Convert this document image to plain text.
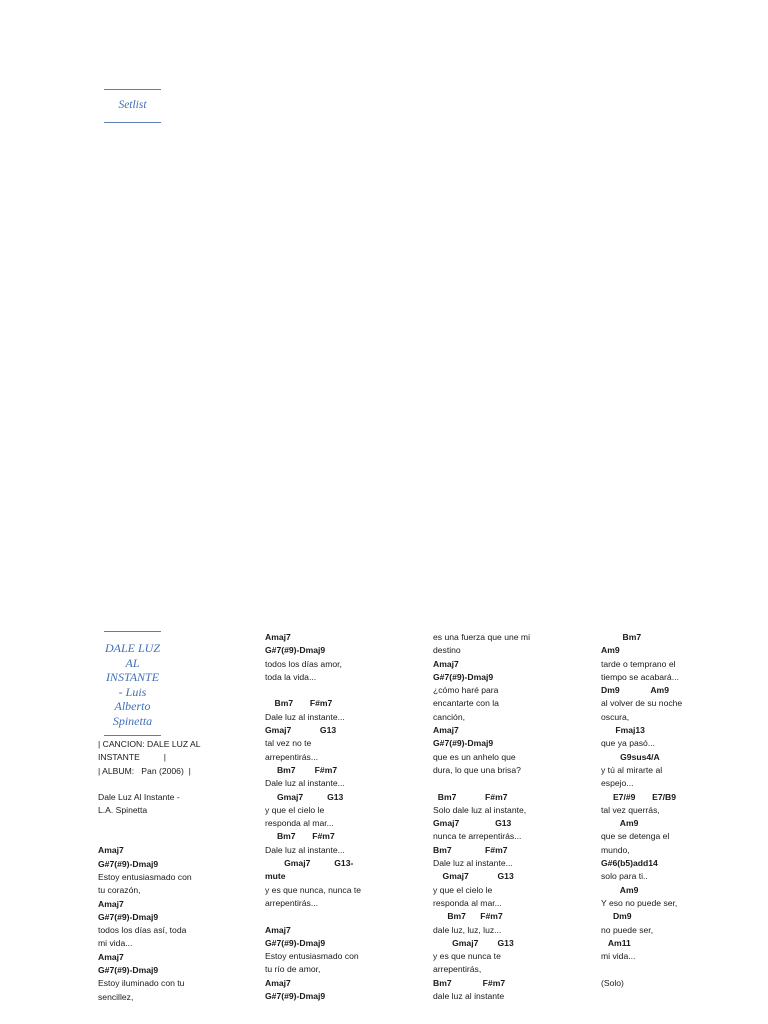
Setlist
DALE LUZ
AL
INSTANTE
- Luis
Alberto
Spinetta
| CANCION: DALE LUZ AL
INSTANTE          |
| ALBUM:   Pan (2006)  |
Dale Luz Al Instante -
L.A. Spinetta
Amaj7
G#7(#9)-Dmaj9
Estoy entusiasmado con
tu corazón,
Amaj7
G#7(#9)-Dmaj9
todos los días así, toda
mi vida...
Amaj7
G#7(#9)-Dmaj9
Estoy iluminado con tu
sencillez,
Amaj7
G#7(#9)-Dmaj9
todos los días amor,
toda la vida...
Bm7       F#m7
Dale luz al instante...
Gmaj7            G13
tal vez no te
arrepentirás...
Bm7        F#m7
Dale luz al instante...
Gmaj7          G13
y que el cielo le
responda al mar...
Bm7       F#m7
Dale luz al instante...
Gmaj7          G13-
mute
y es que nunca, nunca te
arrepentirás...
Amaj7
G#7(#9)-Dmaj9
Estoy entusiasmado con
tu río de amor,
Amaj7
G#7(#9)-Dmaj9
es una fuerza que une mi
destino
Amaj7
G#7(#9)-Dmaj9
¿cómo haré para
encantarte con la
canción,
Amaj7
G#7(#9)-Dmaj9
que es un anhelo que
dura, lo que una brisa?
Bm7            F#m7
Solo dale luz al instante,
Gmaj7               G13
nunca te arrepentirás...
Bm7              F#m7
Dale luz al instante...
Gmaj7            G13
y que el cielo le
responda al mar...
Bm7      F#m7
dale luz, luz, luz...
Gmaj7        G13
y es que nunca te
arrepentirás,
Bm7             F#m7
dale luz al instante
Bm7
Am9
tarde o temprano el
tiempo se acabará...
Dm9             Am9
al volver de su noche
oscura,
Fmaj13
que ya pasó...
G9sus4/A
y tú al mirarte al
espejo...
E7/#9       E7/B9
tal vez querrás,
Am9
que se detenga el
mundo,
G#6(b5)add14
solo para ti..
Am9
Y eso no puede ser,
Dm9
no puede ser,
Am11
mi vida...
(Solo)
